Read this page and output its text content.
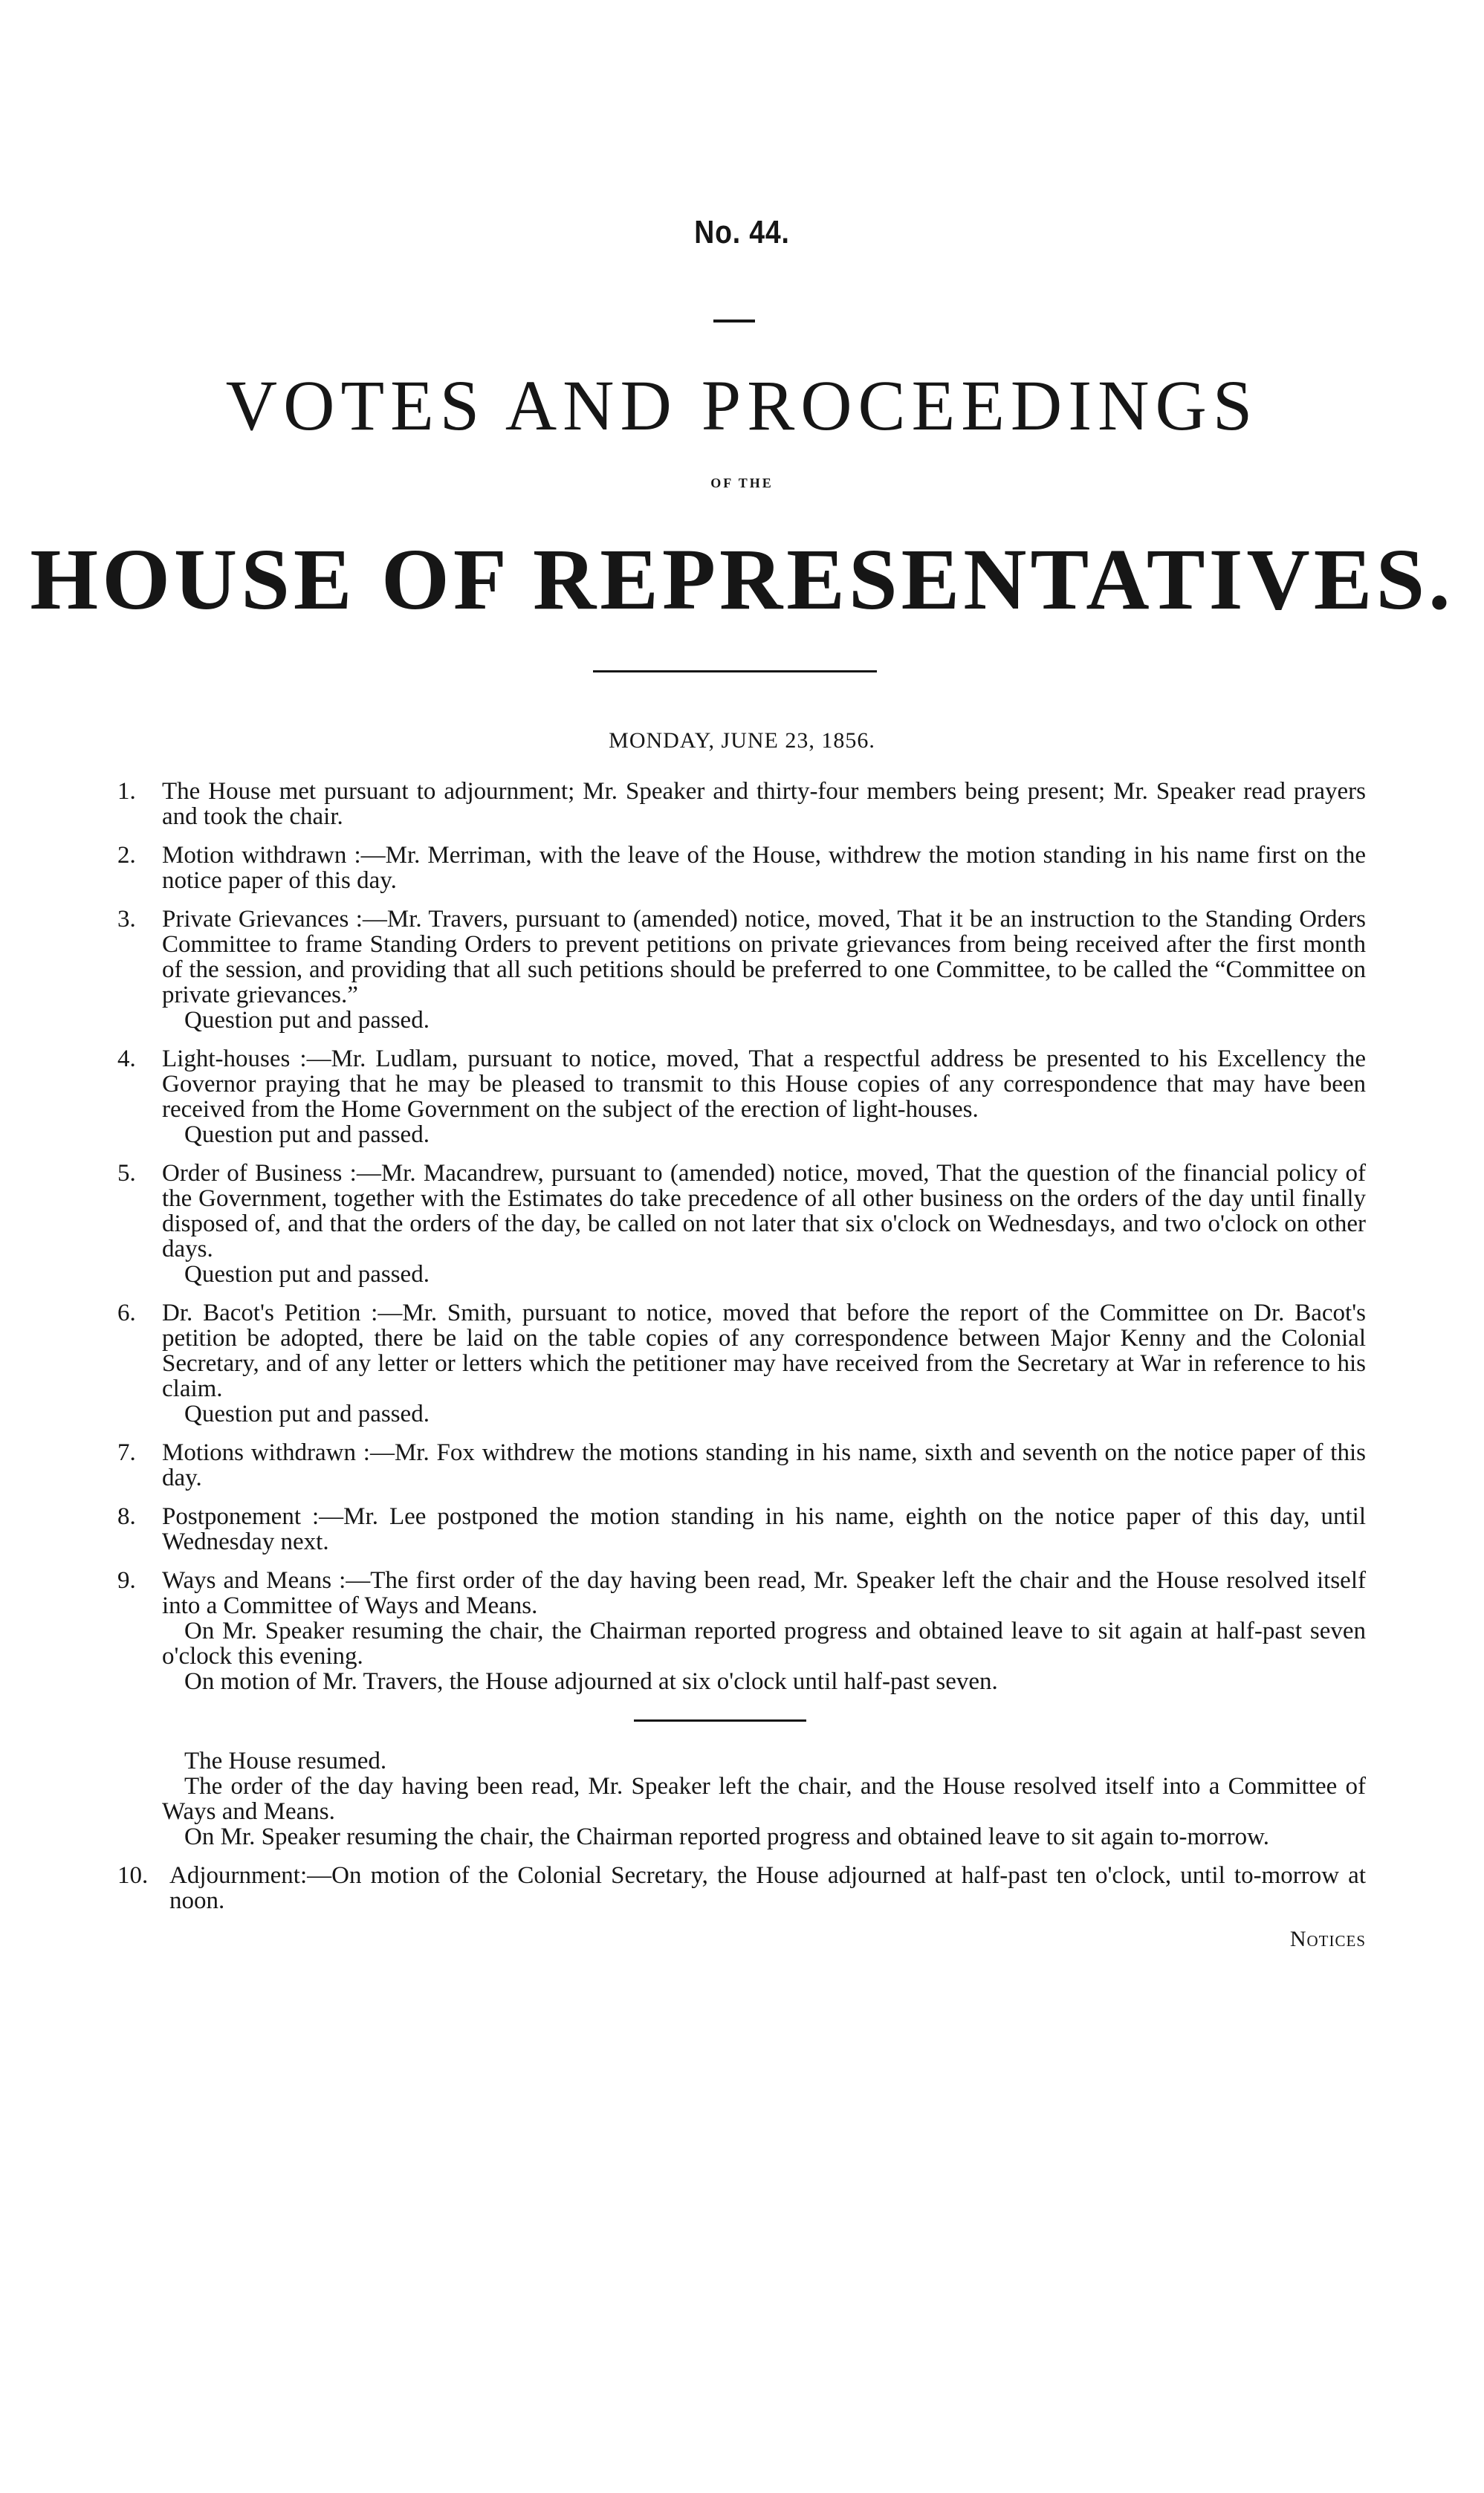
No. 44.
VOTES AND PROCEEDINGS
OF THE
HOUSE OF REPRESENTATIVES.
MONDAY, JUNE 23, 1856.
1. The House met pursuant to adjournment; Mr. Speaker and thirty-four members being present; Mr. Speaker read prayers and took the chair.

2. Motion withdrawn :—Mr. Merriman, with the leave of the House, withdrew the motion standing in his name first on the notice paper of this day.

3. Private Grievances :—Mr. Travers, pursuant to (amended) notice, moved, That it be an instruction to the Standing Orders Committee to frame Standing Orders to prevent petitions on private grievances from being received after the first month of the session, and providing that all such petitions should be preferred to one Committee, to be called the “Committee on private grievances.”

Question put and passed.

4. Light-houses :—Mr. Ludlam, pursuant to notice, moved, That a respectful address be presented to his Excellency the Governor praying that he may be pleased to transmit to this House copies of any correspondence that may have been received from the Home Government on the subject of the erection of light-houses.

Question put and passed.

5. Order of Business :—Mr. Macandrew, pursuant to (amended) notice, moved, That the question of the financial policy of the Government, together with the Estimates do take precedence of all other business on the orders of the day until finally disposed of, and that the orders of the day, be called on not later that six o'clock on Wednesdays, and two o'clock on other days.

Question put and passed.

6. Dr. Bacot's Petition :—Mr. Smith, pursuant to notice, moved that before the report of the Committee on Dr. Bacot's petition be adopted, there be laid on the table copies of any correspondence between Major Kenny and the Colonial Secretary, and of any letter or letters which the petitioner may have received from the Secretary at War in reference to his claim.

Question put and passed.

7. Motions withdrawn :—Mr. Fox withdrew the motions standing in his name, sixth and seventh on the notice paper of this day.

8. Postponement :—Mr. Lee postponed the motion standing in his name, eighth on the notice paper of this day, until Wednesday next.

9. Ways and Means :—The first order of the day having been read, Mr. Speaker left the chair and the House resolved itself into a Committee of Ways and Means.

On Mr. Speaker resuming the chair, the Chairman reported progress and obtained leave to sit again at half-past seven o'clock this evening.

On motion of Mr. Travers, the House adjourned at six o'clock until half-past seven.

The House resumed.

The order of the day having been read, Mr. Speaker left the chair, and the House resolved itself into a Committee of Ways and Means.

On Mr. Speaker resuming the chair, the Chairman reported progress and obtained leave to sit again to-morrow.

10. Adjournment:—On motion of the Colonial Secretary, the House adjourned at half-past ten o'clock, until to-morrow at noon.

Notices
